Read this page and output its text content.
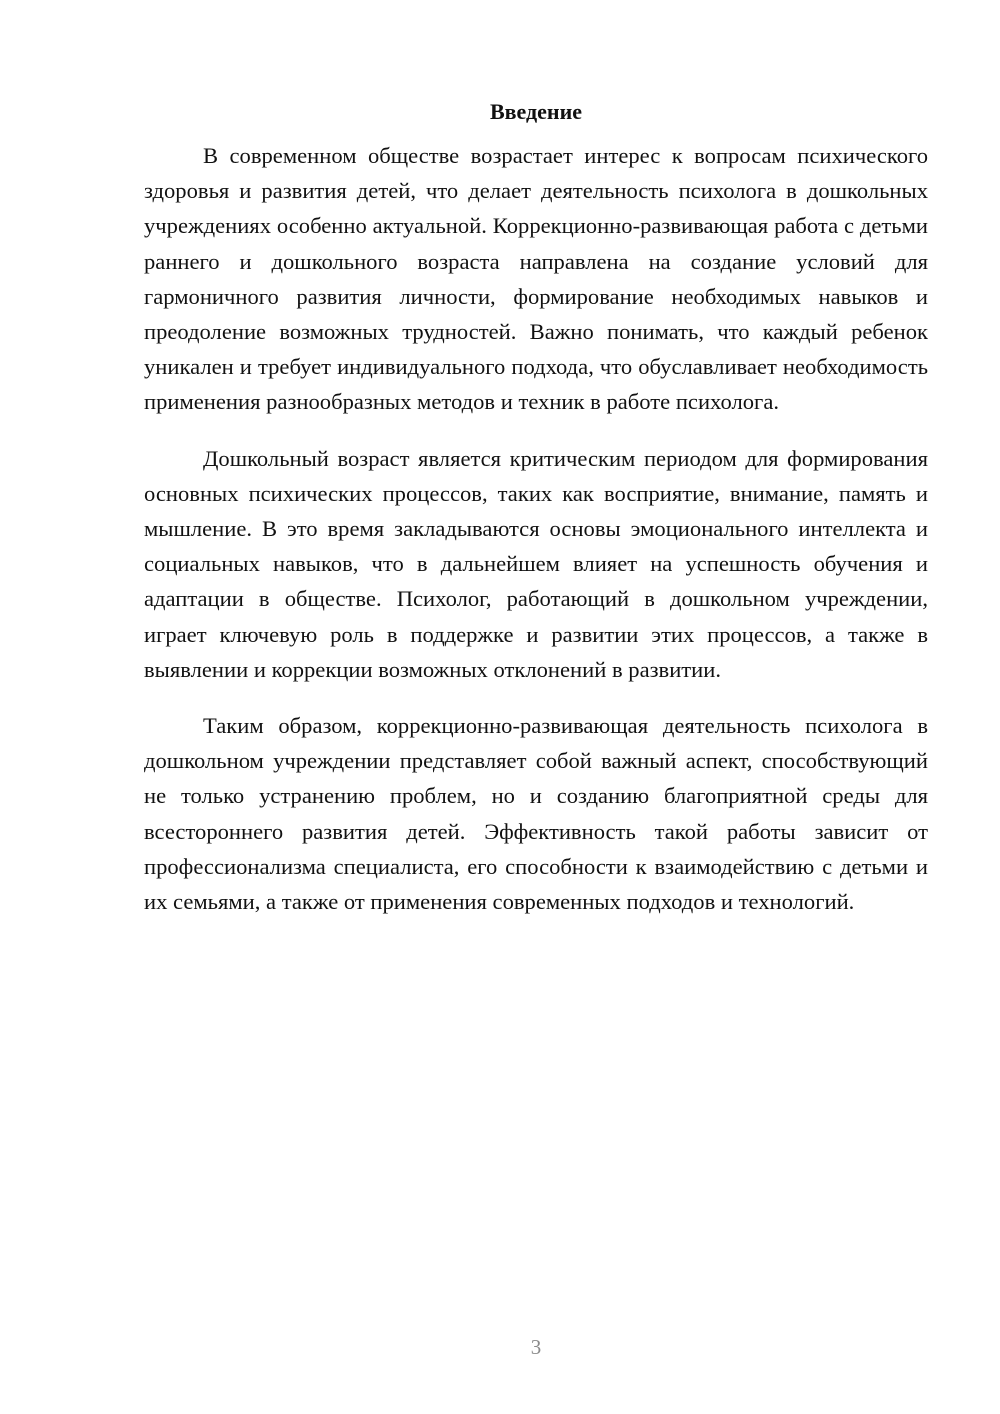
Введение

В современном обществе возрастает интерес к вопросам психического здоровья и развития детей, что делает деятельность психолога в дошкольных учреждениях особенно актуальной. Коррекционно-развивающая работа с детьми раннего и дошкольного возраста направлена на создание условий для гармоничного развития личности, формирование необходимых навыков и преодоление возможных трудностей. Важно понимать, что каждый ребенок уникален и требует индивидуального подхода, что обуславливает необходимость применения разнообразных методов и техник в работе психолога.

Дошкольный возраст является критическим периодом для формирования основных психических процессов, таких как восприятие, внимание, память и мышление. В это время закладываются основы эмоционального интеллекта и социальных навыков, что в дальнейшем влияет на успешность обучения и адаптации в обществе. Психолог, работающий в дошкольном учреждении, играет ключевую роль в поддержке и развитии этих процессов, а также в выявлении и коррекции возможных отклонений в развитии.

Таким образом, коррекционно-развивающая деятельность психолога в дошкольном учреждении представляет собой важный аспект, способствующий не только устранению проблем, но и созданию благоприятной среды для всестороннего развития детей. Эффективность такой работы зависит от профессионализма специалиста, его способности к взаимодействию с детьми и их семьями, а также от применения современных подходов и технологий.

3
